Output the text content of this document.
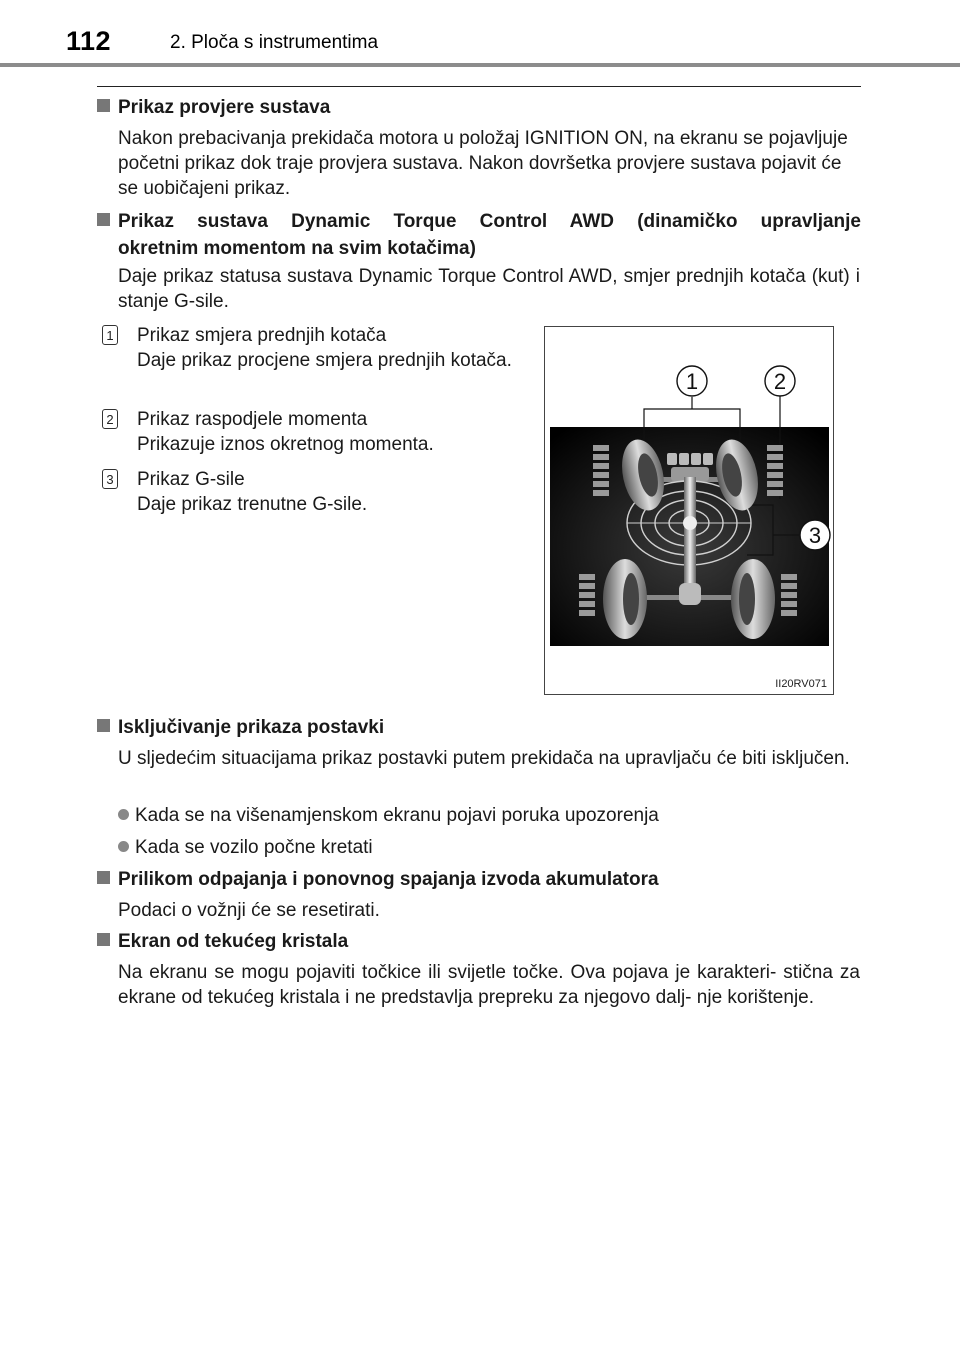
112	2. Ploča s instrumentima
Prikaz provjere sustava

Nakon prebacivanja prekidača motora u položaj IGNITION ON, na ekranu se pojavljuje početni prikaz dok traje provjera sustava. Nakon dovršetka provjere sustava pojavit će se uobičajeni prikaz.

Prikaz sustava Dynamic Torque Control AWD (dinamičko upravljanje
okretnim momentom na svim kotačima)

Daje prikaz statusa sustava Dynamic Torque Control AWD, smjer prednjih kotača (kut) i stanje G-sile.

1 Prikaz smjera prednjih kotača

Daje prikaz procjene smjera prednjih kotača.

2 Prikaz raspodjele momenta

Prikazuje iznos okretnog momenta.

3 Prikaz G-sile

Daje prikaz trenutne G-sile.

1	2
3
II20RV071
Isključivanje prikaza postavki

U sljedećim situacijama prikaz postavki putem prekidača na upravljaču će biti isključen.

Kada se na višenamjenskom ekranu pojavi poruka upozorenja
Kada se vozilo počne kretati
Prilikom odpajanja i ponovnog spajanja izvoda akumulatora

Podaci o vožnji će se resetirati.

Ekran od tekućeg kristala

Na ekranu se mogu pojaviti točkice ili svijetle točke. Ova pojava je karakteri- stična za ekrane od tekućeg kristala i ne predstavlja prepreku za njegovo dalj- nje korištenje.
